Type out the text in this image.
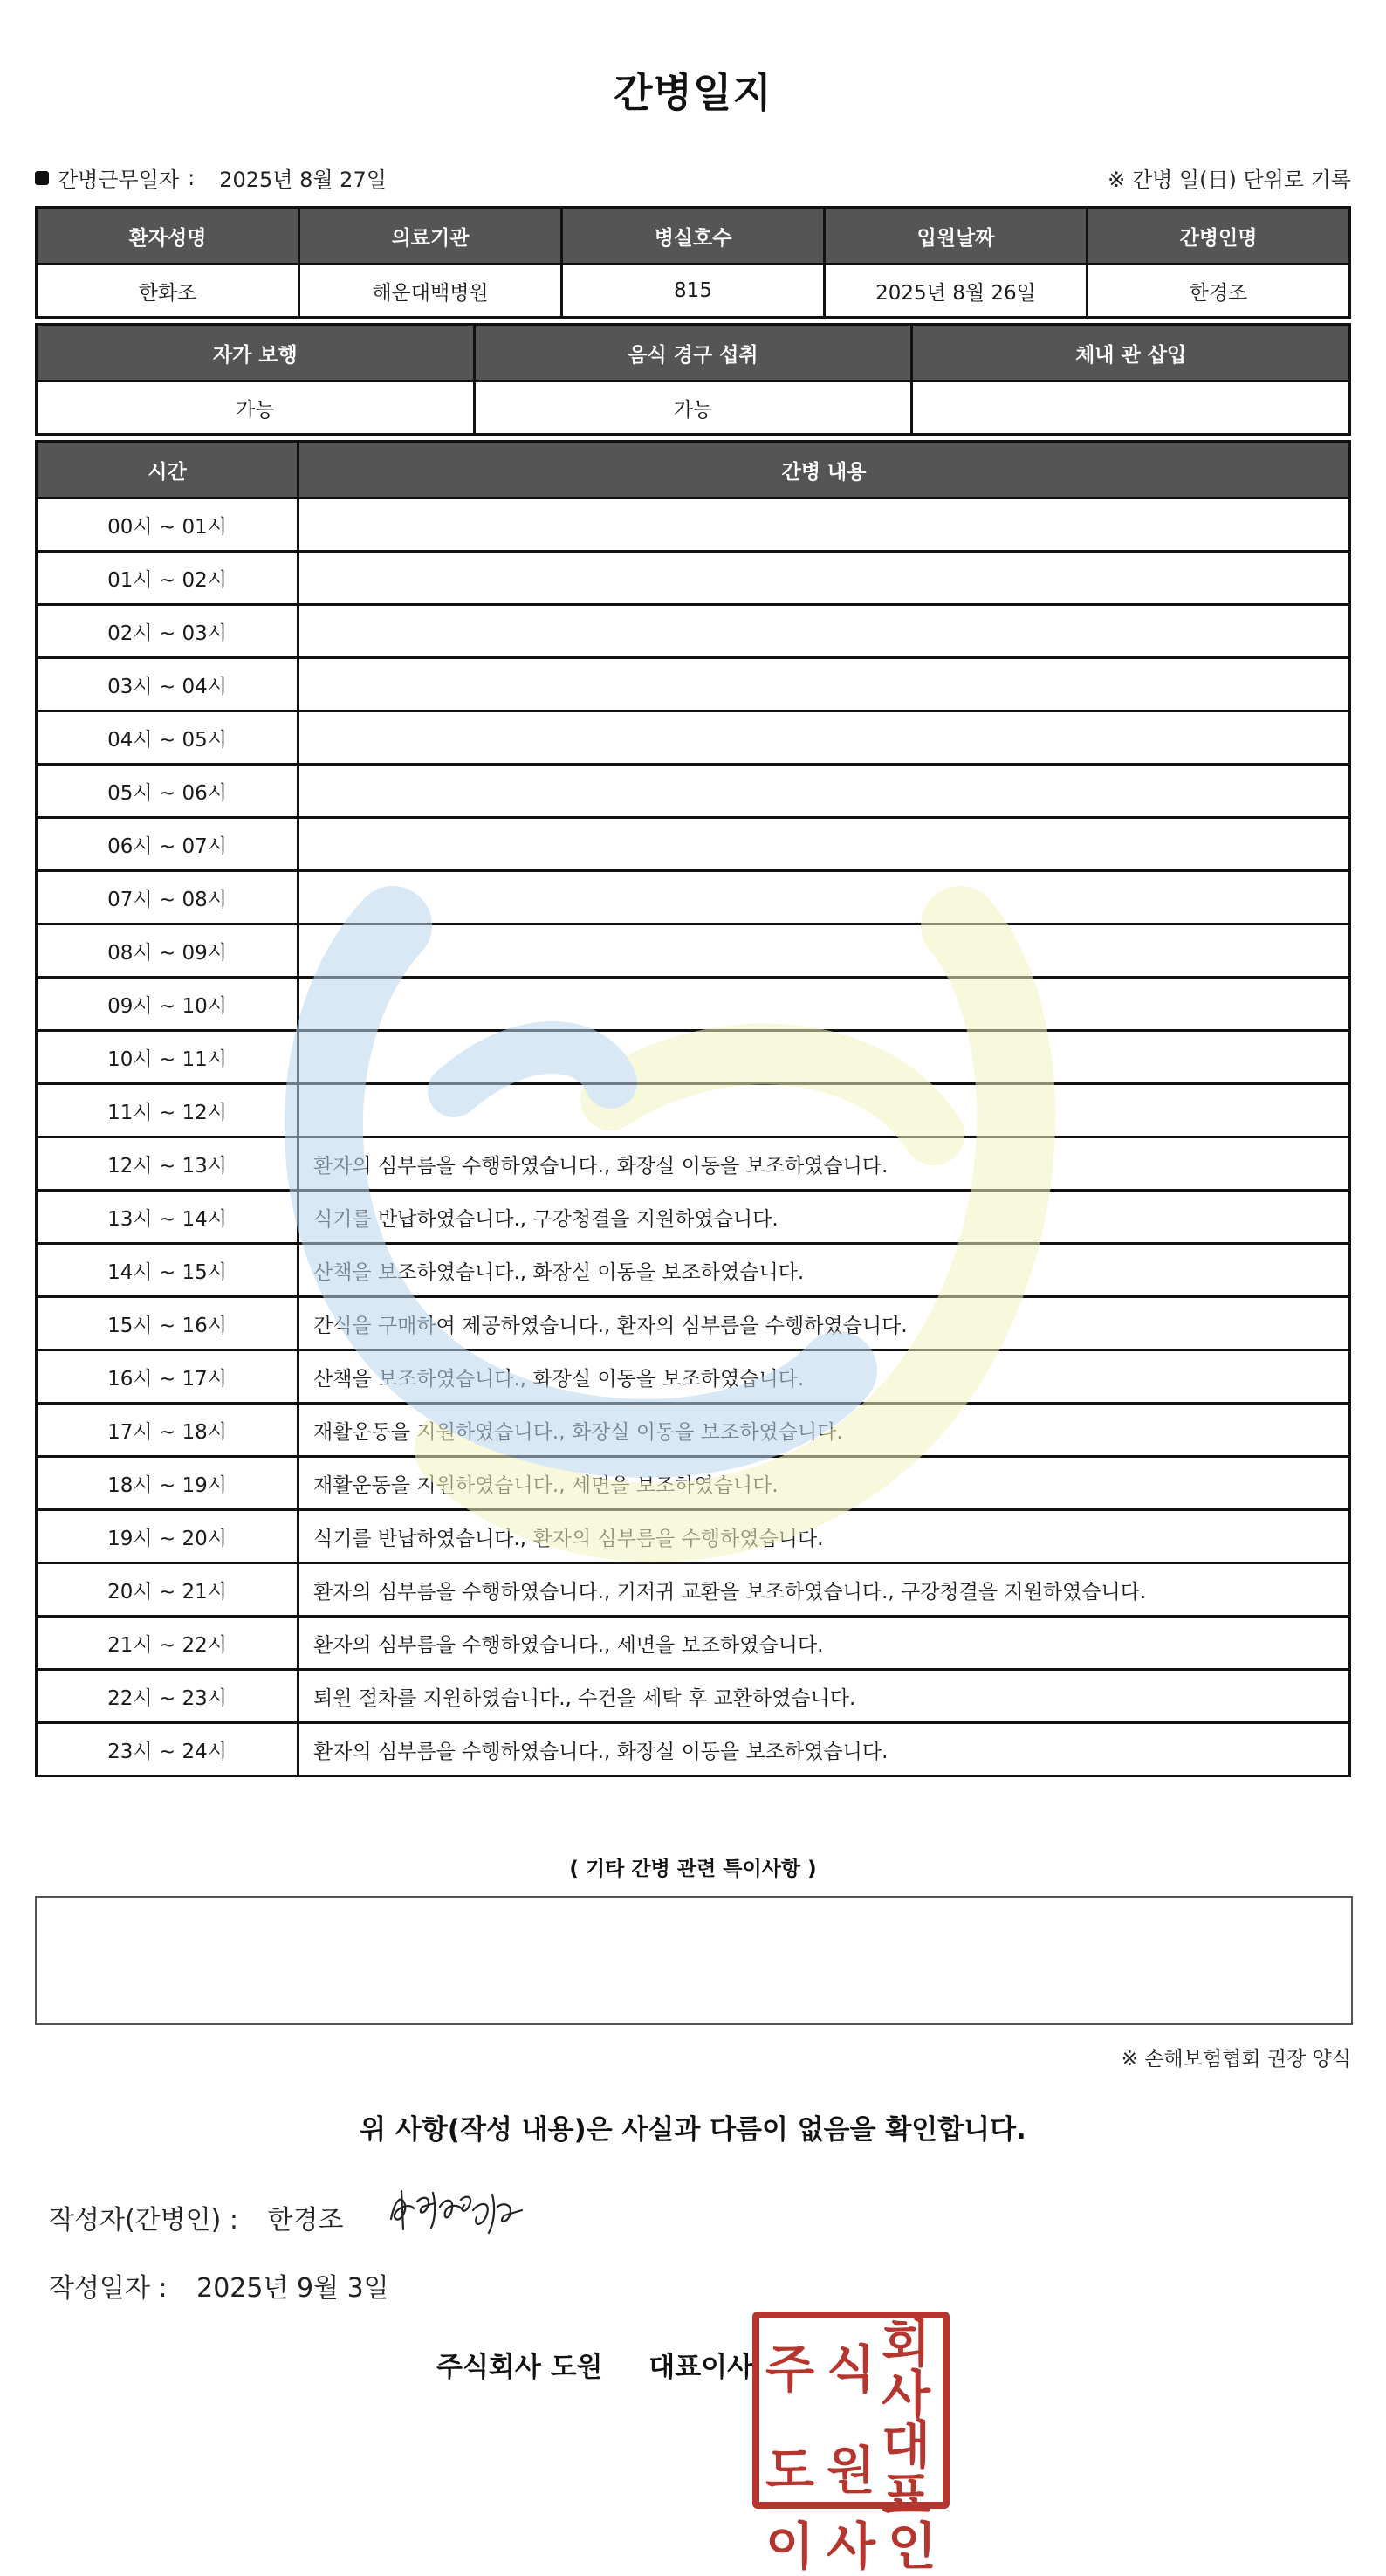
간병일지
간병근무일자 : 2025년 8월 27일	※ 간병 일(日) 단위로 기록
환자성명	의료기관	병실호수	입원날짜	간병인명
한화조	해운대백병원	815	2025년 8월 26일	한경조
자가 보행	음식 경구 섭취	체내 관 삽입
가능	가능	
시간	간병 내용
00시 ~ 01시	
01시 ~ 02시	
02시 ~ 03시	
03시 ~ 04시	
04시 ~ 05시	
05시 ~ 06시	
06시 ~ 07시	
07시 ~ 08시	
08시 ~ 09시	
09시 ~ 10시	
10시 ~ 11시	
11시 ~ 12시	
12시 ~ 13시	환자의 심부름을 수행하였습니다., 화장실 이동을 보조하였습니다.
13시 ~ 14시	식기를 반납하였습니다., 구강청결을 지원하였습니다.
14시 ~ 15시	산책을 보조하였습니다., 화장실 이동을 보조하였습니다.
15시 ~ 16시	간식을 구매하여 제공하였습니다., 환자의 심부름을 수행하였습니다.
16시 ~ 17시	산책을 보조하였습니다., 화장실 이동을 보조하였습니다.
17시 ~ 18시	재활운동을 지원하였습니다., 화장실 이동을 보조하였습니다.
18시 ~ 19시	재활운동을 지원하였습니다., 세면을 보조하였습니다.
19시 ~ 20시	식기를 반납하였습니다., 환자의 심부름을 수행하였습니다.
20시 ~ 21시	환자의 심부름을 수행하였습니다., 기저귀 교환을 보조하였습니다., 구강청결을 지원하였습니다.
21시 ~ 22시	환자의 심부름을 수행하였습니다., 세면을 보조하였습니다.
22시 ~ 23시	퇴원 절차를 지원하였습니다., 수건을 세탁 후 교환하였습니다.
23시 ~ 24시	환자의 심부름을 수행하였습니다., 화장실 이동을 보조하였습니다.
( 기타 간병 관련 특이사항 )
※ 손해보험협회 권장 양식
위 사항(작성 내용)은 사실과 다름이 없음을 확인합니다.
작성자(간병인) : 한경조
작성일자 : 2025년 9월 3일
주식회사 도원 대표이사 주 식 회사
도 원 대표
이 사 인
